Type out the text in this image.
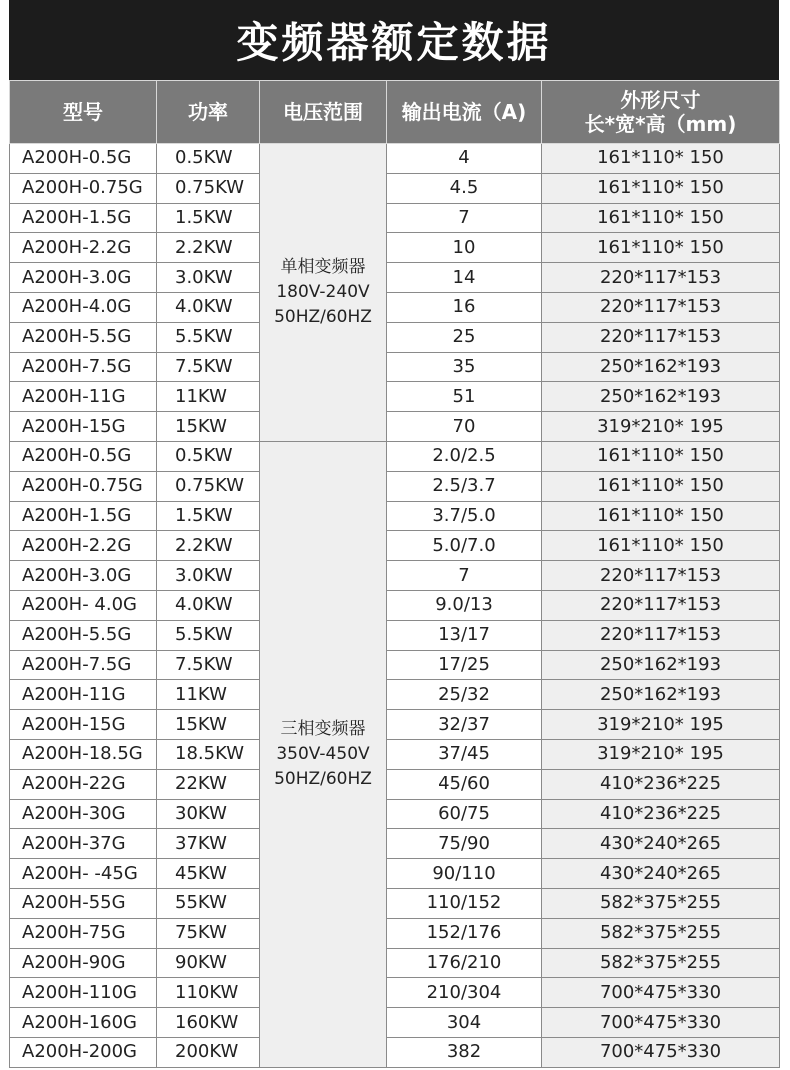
变频器额定数据
型号	功率	电压范围	输出电流（A)	外形尺寸
长*宽*高（mm)

A200H-0.5G	0.5KW	单相变频器
180V-240V
50HZ/60HZ	4	161*110* 150
A200H-0.75G	0.75KW		4.5	161*110* 150
A200H-1.5G	1.5KW		7	161*110* 150
A200H-2.2G	2.2KW		10	161*110* 150
A200H-3.0G	3.0KW		14	220*117*153
A200H-4.0G	4.0KW		16	220*117*153
A200H-5.5G	5.5KW		25	220*117*153
A200H-7.5G	7.5KW		35	250*162*193
A200H-11G	11KW		51	250*162*193
A200H-15G	15KW		70	319*210* 195
A200H-0.5G	0.5KW	三相变频器
350V-450V
50HZ/60HZ	2.0/2.5	161*110* 150
A200H-0.75G	0.75KW		2.5/3.7	161*110* 150
A200H-1.5G	1.5KW		3.7/5.0	161*110* 150
A200H-2.2G	2.2KW		5.0/7.0	161*110* 150
A200H-3.0G	3.0KW		7	220*117*153
A200H- 4.0G	4.0KW		9.0/13	220*117*153
A200H-5.5G	5.5KW		13/17	220*117*153
A200H-7.5G	7.5KW		17/25	250*162*193
A200H-11G	11KW		25/32	250*162*193
A200H-15G	15KW		32/37	319*210* 195
A200H-18.5G	18.5KW		37/45	319*210* 195
A200H-22G	22KW		45/60	410*236*225
A200H-30G	30KW		60/75	410*236*225
A200H-37G	37KW		75/90	430*240*265
A200H- -45G	45KW		90/110	430*240*265
A200H-55G	55KW		110/152	582*375*255
A200H-75G	75KW		152/176	582*375*255
A200H-90G	90KW		176/210	582*375*255
A200H-110G	110KW		210/304	700*475*330
A200H-160G	160KW		304	700*475*330
A200H-200G	200KW		382	700*475*330
